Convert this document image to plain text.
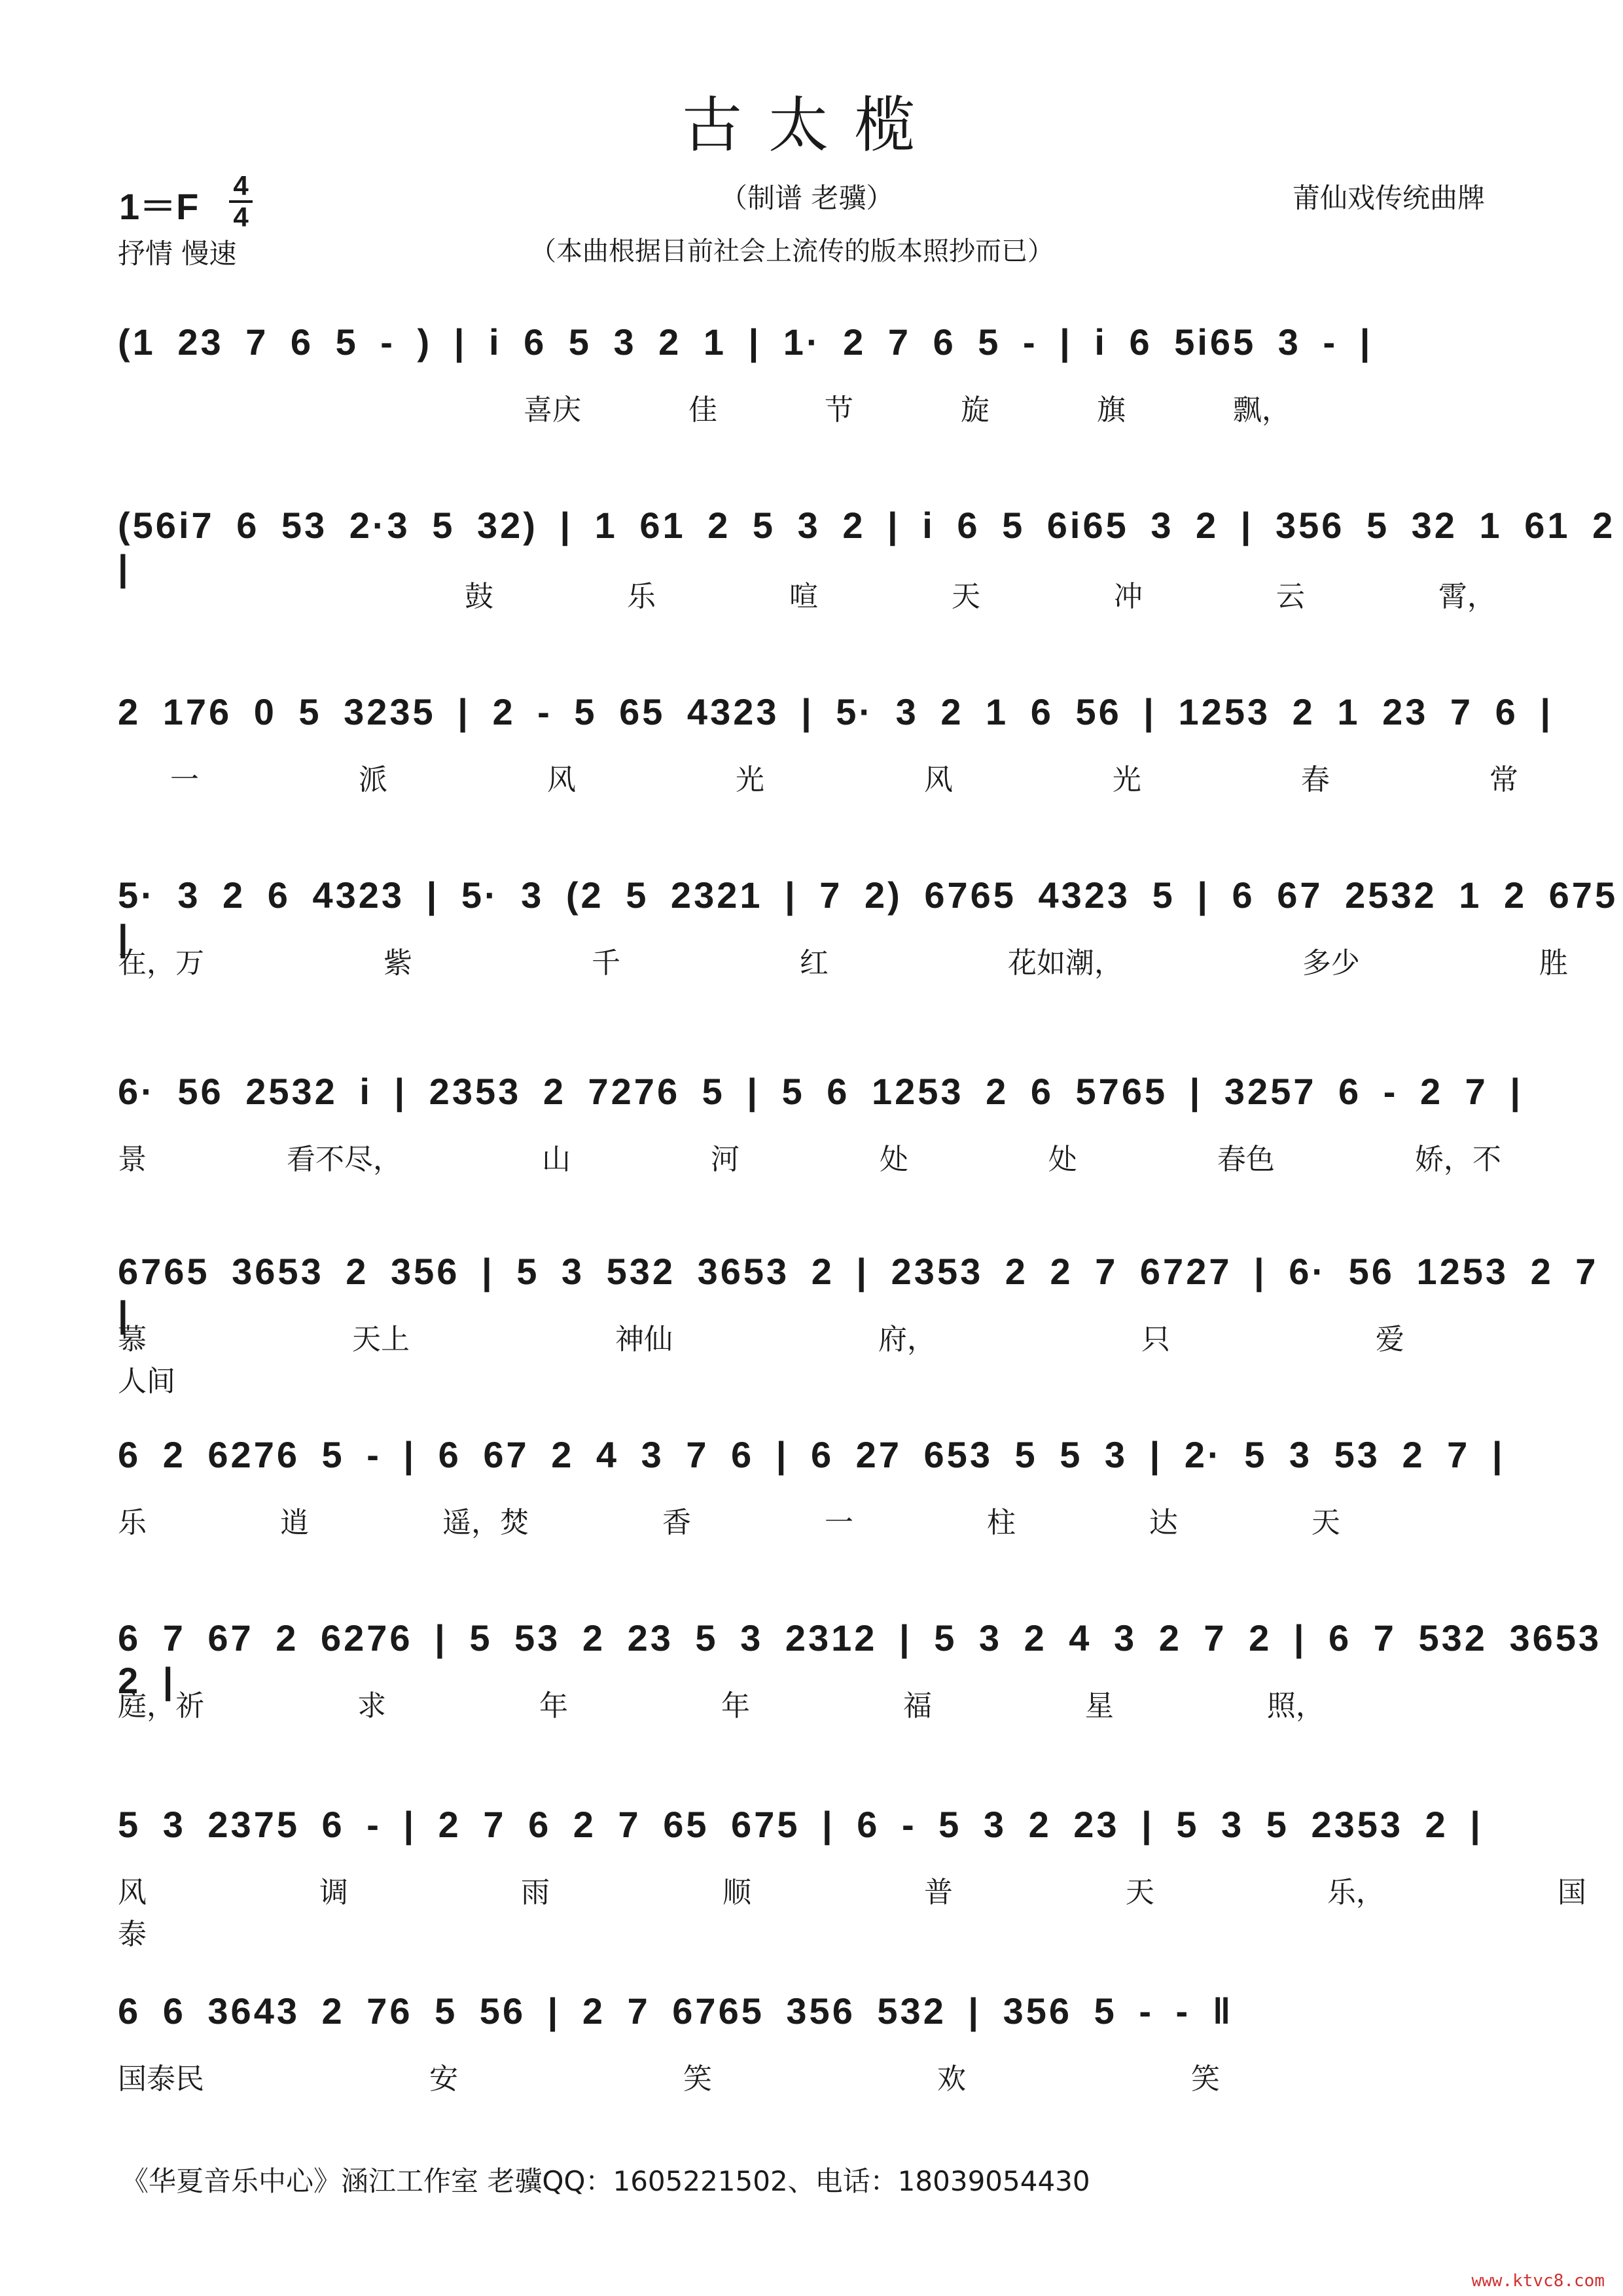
古太榄
1＝F
4
4
抒情 慢速
（制谱 老骥）	莆仙戏传统曲牌
（本曲根据目前社会上流传的版本照抄而已）
(1 23 7 6 5 - ) | i 6 5 3 2 1 | 1· 2 7 6 5 - | i 6 5i65 3 - |
喜庆 佳 节 旋 旗 飘，
(56i7 6 53 2·3 5 32) | 1 61 2 5 3 2 | i 6 5 6i65 3 2 | 356 5 32 1 61 2 |
鼓 乐 喧 天 冲 云 霄，
2 176 0 5 3235 | 2 - 5 65 4323 | 5· 3 2 1 6 56 | 1253 2 1 23 7 6 |
一 派 风 光 风 光 春 常
5· 3 2 6 4323 | 5· 3 (2 5 2321 | 7 2) 6765 4323 5 | 6 67 2532 1 2 675 |
在，万 紫 千 红 花如潮， 多少 胜
6· 56 2532 i | 2353 2 7276 5 | 5 6 1253 2 6 5765 | 3257 6 - 2 7 |
景 看不尽， 山 河 处 处 春色 娇，不
6765 3653 2 356 | 5 3 532 3653 2 | 2353 2 2 7 6727 | 6· 56 1253 2 7 |
慕 天上 神仙 府， 只 爱 人间
6 2 6276 5 - | 6 67 2 4 3 7 6 | 6 27 653 5 5 3 | 2· 5 3 53 2 7 |
乐 逍 遥，焚 香 一 柱 达 天
6 7 67 2 6276 | 5 53 2 23 5 3 2312 | 5 3 2 4 3 2 7 2 | 6 7 532 3653 2 |
庭，祈 求 年 年 福 星 照，
5 3 2375 6 - | 2 7 6 2 7 65 675 | 6 - 5 3 2 23 | 5 3 5 2353 2 |
风 调 雨 顺 普 天 乐， 国 泰
6 6 3643 2 76 5 56 | 2 7 6765 356 532 | 356 5 - - ‖
国泰民 安 笑 欢 笑
《华夏音乐中心》涵江工作室 老骥QQ：1605221502、电话：18039054430
www.ktvc8.com
